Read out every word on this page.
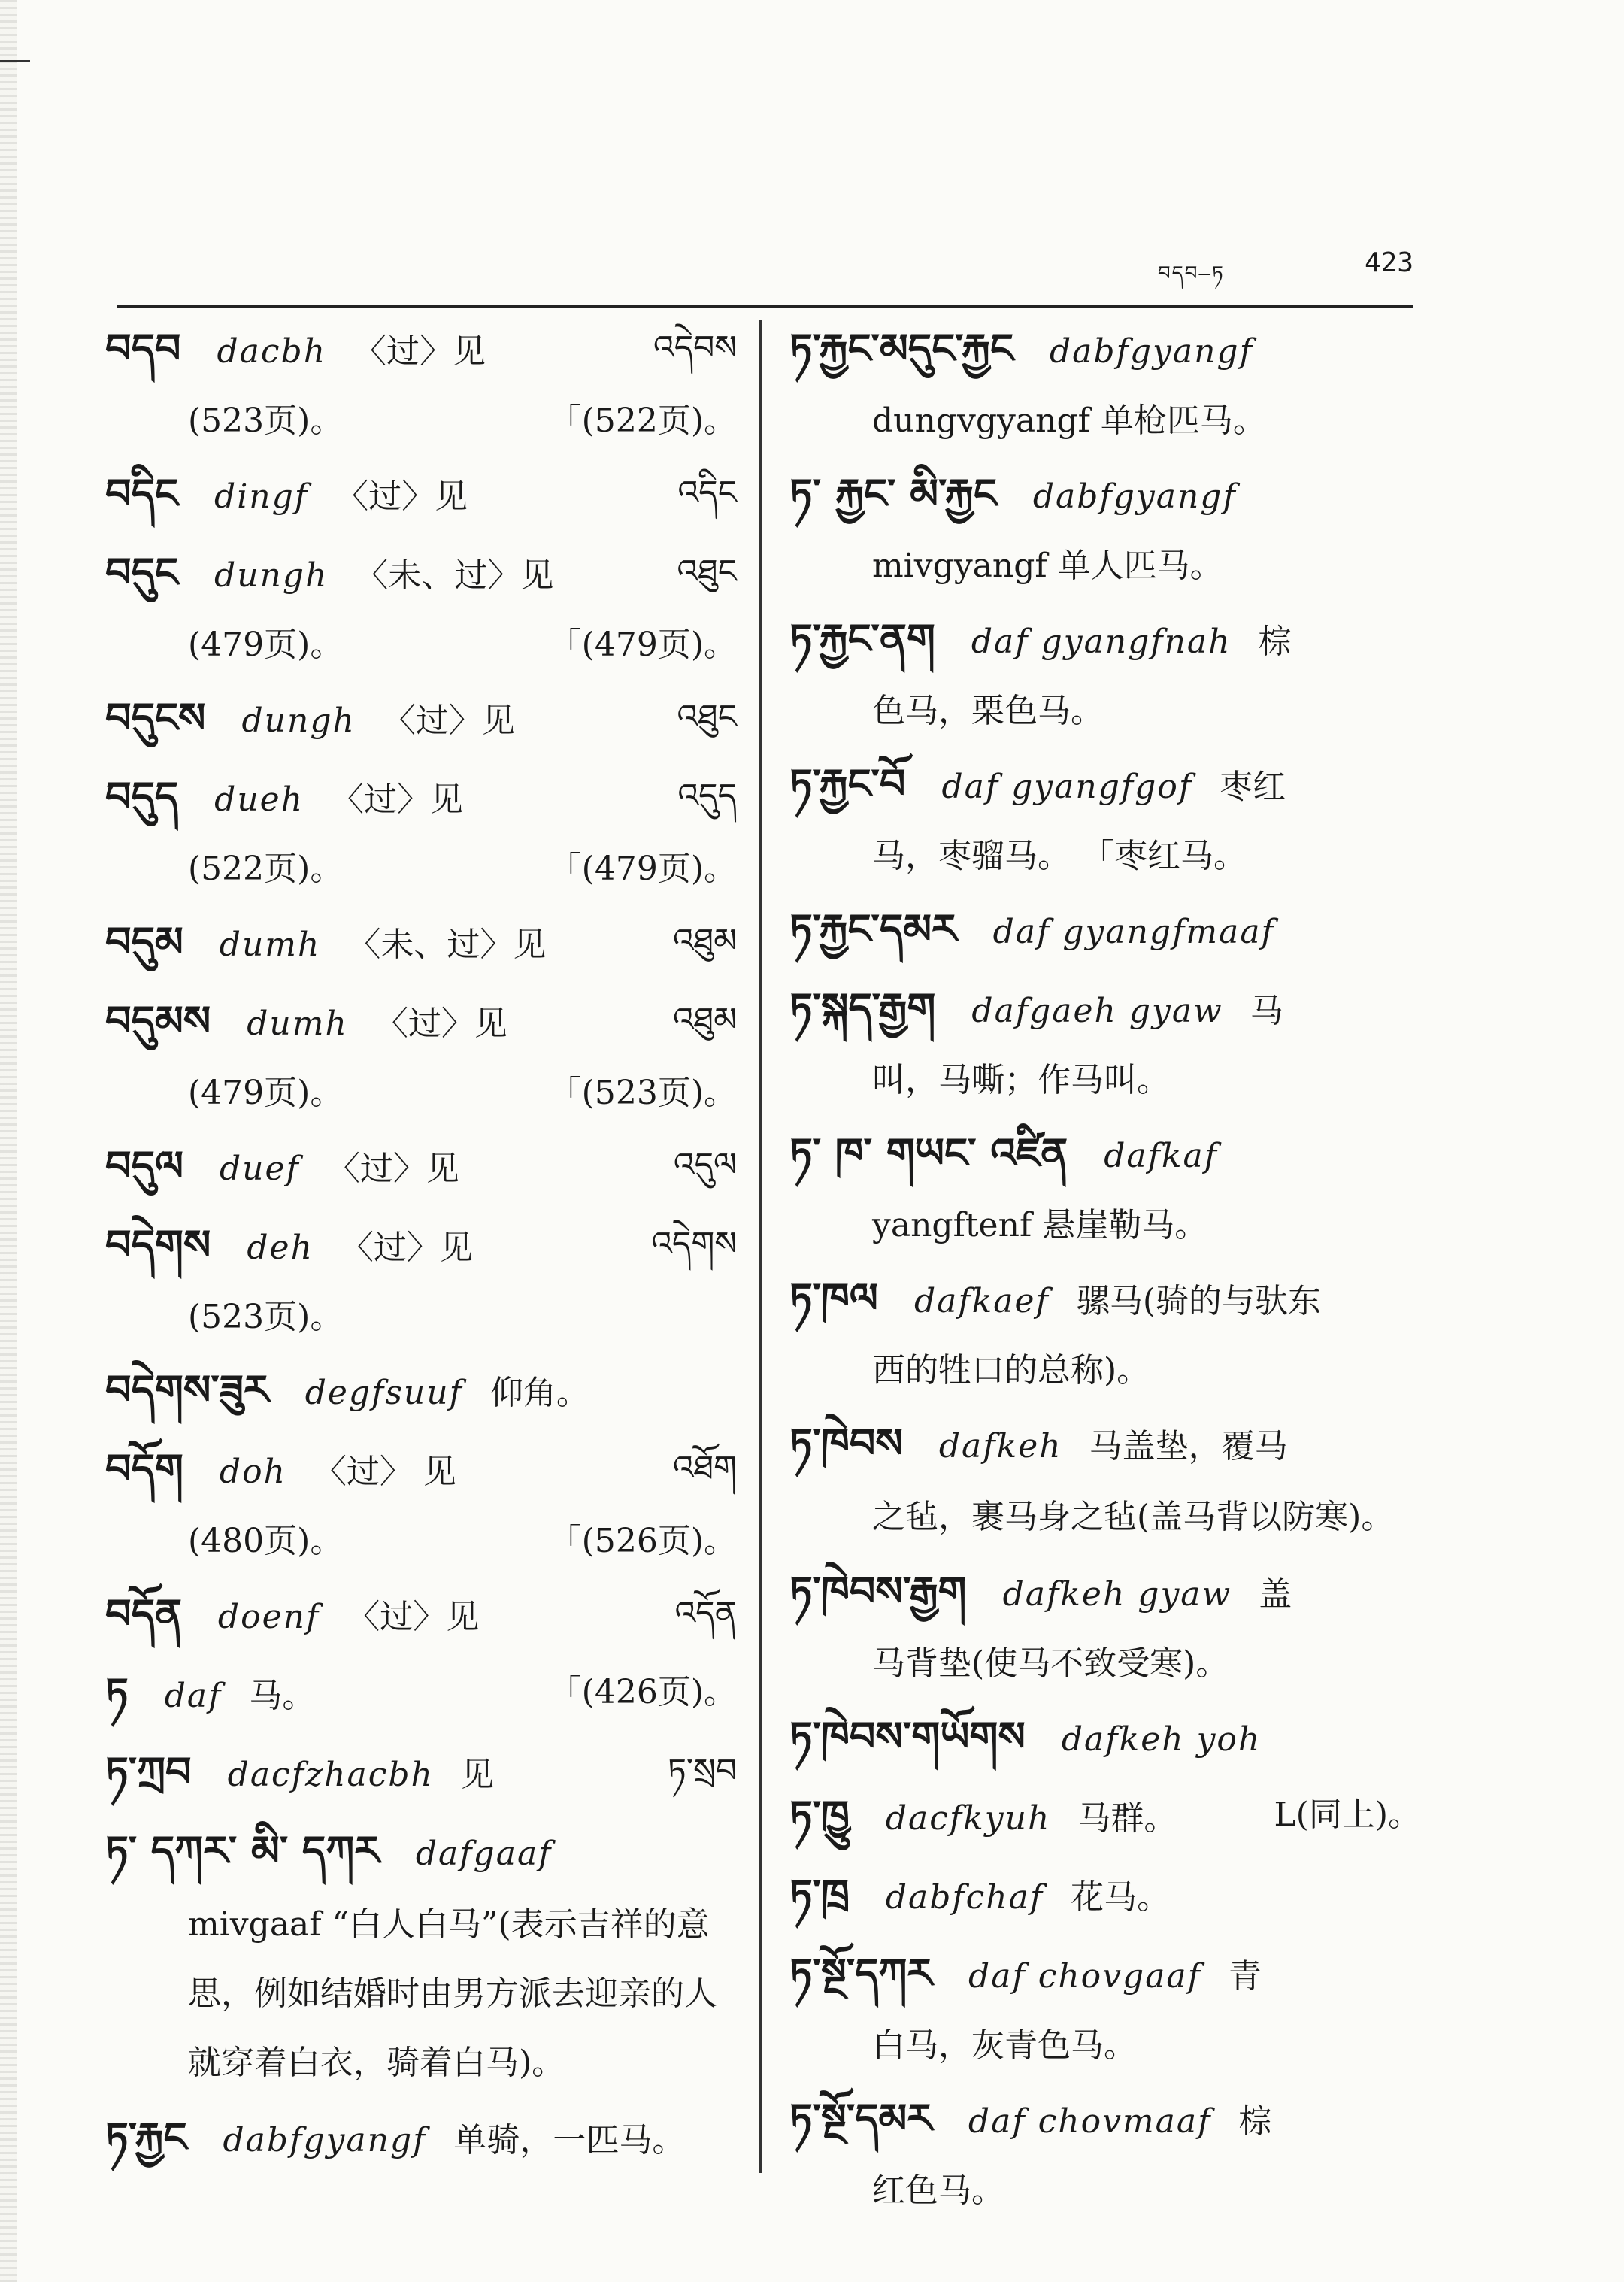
བདབ–ཏ	423
བདབ dacbh 〈过〉见	འདེབས
(523页)。	「(522页)。
བདིང dingf 〈过〉见	འདིང
བདུང dungh 〈未、过〉见	འཐུང
(479页)。	「(479页)。
བདུངས dungh 〈过〉见	འཐུང
བདུད dueh 〈过〉见	འདུད
(522页)。	「(479页)。
བདུམ dumh 〈未、过〉见	འཐུམ
བདུམས dumh 〈过〉见	འཐུམ
(479页)。	「(523页)。
བདུལ duef 〈过〉见	འདུལ
བདེགས deh 〈过〉见	འདེགས
(523页)。
བདེགས་ཟུར degfsuuf 仰角。
བདོག doh 〈过〉 见	འཐོག
(480页)。	「(526页)。
བདོན doenf 〈过〉见	འདོན
ཏ daf 马。	「(426页)。
ཏ་ཀྲབ dacfzhacbh 见	ཏ་སྲབ
ཏ་ དཀར་ མི་ དཀར dafgaaf
mivgaaf “白人白马”(表示吉祥的意思，例如结婚时由男方派去迎亲的人就穿着白衣，骑着白马)。
ཏ་རྐྱང dabfgyangf 单骑，一匹马。
ཏ་རྐྱང་མདུང་རྐྱང dabfgyangf
dungvgyangf 单枪匹马。
ཏ་ རྐྱང་ མི་རྐྱང dabfgyangf
mivgyangf 单人匹马。
ཏ་རྐྱང་ནག daf gyangfnah 棕
色马，栗色马。
ཏ་རྐྱང་བོ daf gyangfgof 枣红
马，枣骝马。 「枣红马。
ཏ་རྐྱང་དམར daf gyangfmaaf
ཏ་སྐད་རྒྱག dafgaeh gyaw 马
叫，马嘶；作马叫。
ཏ་ ཁ་ གཡང་ འཛིན dafkaf
yangftenf 悬崖勒马。
ཏ་ཁལ dafkaef 骡马(骑的与驮东
西的牲口的总称)。
ཏ་ཁེབས dafkeh 马盖垫，覆马
之毡，裹马身之毡(盖马背以防寒)。
ཏ་ཁེབས་རྒྱག dafkeh gyaw 盖
马背垫(使马不致受寒)。
ཏ་ཁེབས་གཡོགས dafkeh yoh
ཏ་ཁྱུ dacfkyuh 马群。	L(同上)。
ཏ་ཁྲ dabfchaf 花马。
ཏ་སྔོ་དཀར daf chovgaaf 青
白马，灰青色马。
ཏ་སྔོ་དམར daf chovmaaf 棕
红色马。
